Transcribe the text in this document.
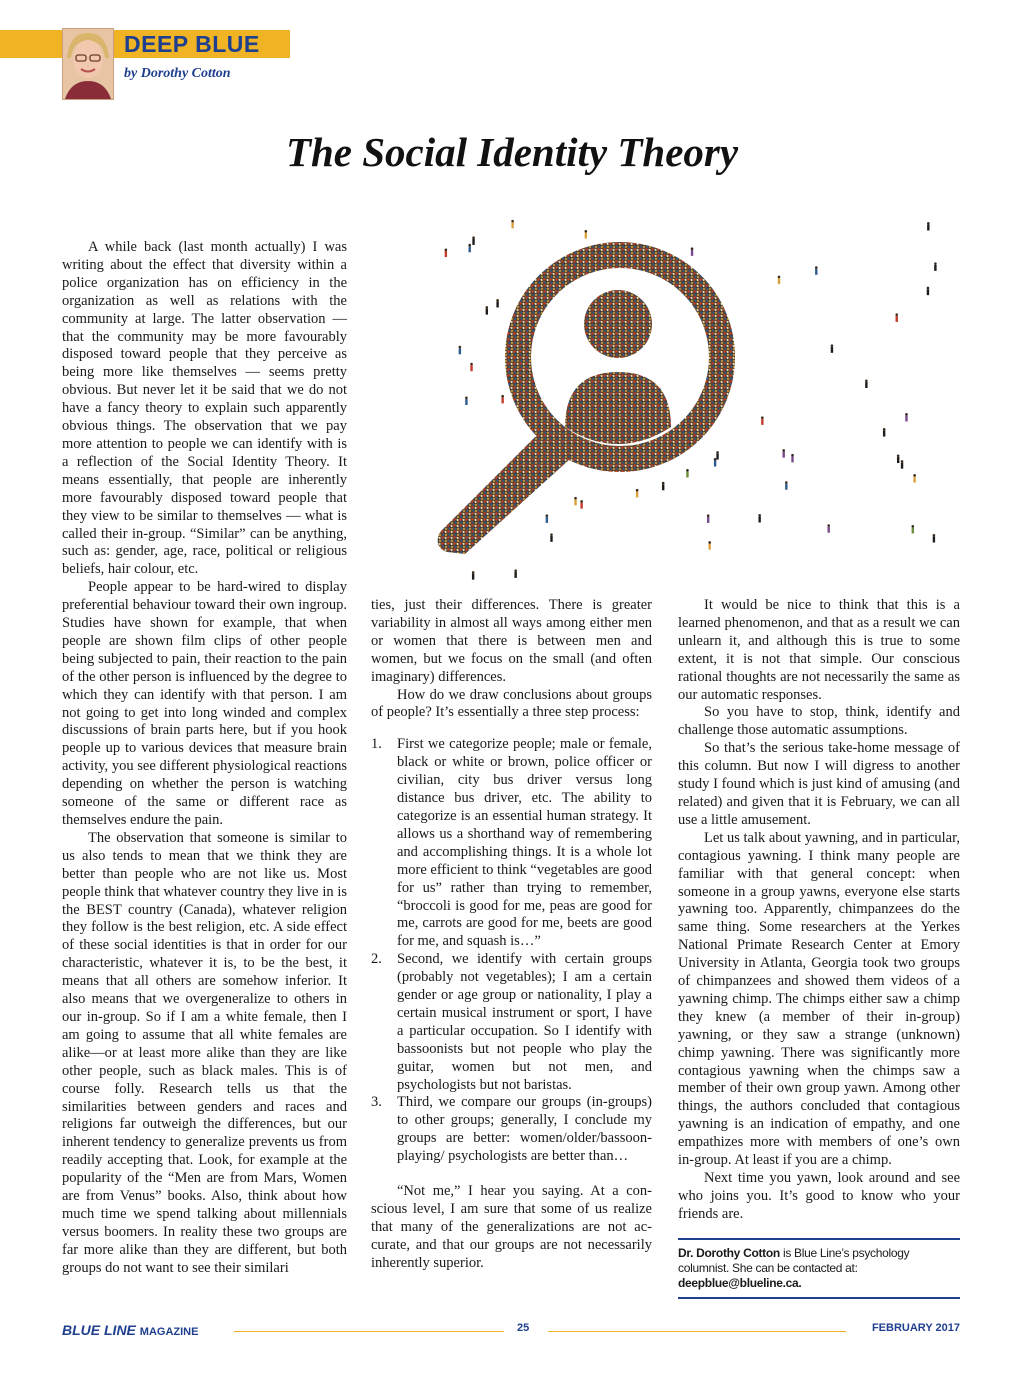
DEEP BLUE
by Dorothy Cotton
The Social Identity Theory

A while back (last month actually) I was writing about the effect that diversity within a police organization has on efficiency in the organization as well as relations with the community at large. The latter observation — that the community may be more favourably disposed toward people that they perceive as being more like themselves — seems pretty obvious. But never let it be said that we do not have a fancy theory to explain such apparently obvious things. The observation that we pay more attention to people we can identify with is a reflection of the Social Identity Theory. It means essentially, that people are inherently more favourably disposed toward people that they view to be similar to themselves — what is called their in-group. “Similar” can be anything, such as: gender, age, race, political or religious beliefs, hair colour, etc.

People appear to be hard-wired to display preferential behaviour toward their own ingroup. Studies have shown for example, that when people are shown film clips of other people being subjected to pain, their reaction to the pain of the other person is influenced by the degree to which they can identify with that person. I am not going to get into long winded and complex discussions of brain parts here, but if you hook people up to various devices that measure brain activity, you see different physiological reactions depending on whether the person is watching someone of the same or different race as themselves endure the pain.

The observation that someone is similar to us also tends to mean that we think they are better than people who are not like us. Most people think that whatever country they live in is the BEST country (Canada), whatever religion they follow is the best religion, etc. A side effect of these social identities is that in order for our characteristic, whatever it is, to be the best, it means that all others are somehow inferior. It also means that we overgeneralize to others in our in-group. So if I am a white female, then I am going to assume that all white females are alike—or at least more alike than they are like other people, such as black males. This is of course folly. Research tells us that the similarities between genders and races and religions far outweigh the differences, but our inherent tendency to generalize prevents us from readily accepting that. Look, for example at the popularity of the “Men are from Mars, Women are from Venus” books. Also, think about how much time we spend talking about millennials versus boomers. In reality these two groups are far more alike than they are different, but both groups do not want to see their similari

ties, just their differences. There is greater variability in almost all ways among either men or women that there is between men and women, but we focus on the small (and often imaginary) differences.

How do we draw conclusions about groups of people? It’s essentially a three step process:

1. First we categorize people; male or female, black or white or brown, police officer or civilian, city bus driver versus long distance bus driver, etc. The ability to categorize is an essential human strategy. It allows us a shorthand way of remembering and accomplishing things. It is a whole lot more efficient to think “vegetables are good for us” rather than trying to remember, “broccoli is good for me, peas are good for me, carrots are good for me, beets are good for me, and squash is…”
2. Second, we identify with certain groups (probably not vegetables); I am a certain gender or age group or nationality, I play a certain musical instrument or sport, I have a particular occupation. So I identify with bassoonists but not people who play the guitar, women but not men, and psychologists but not baristas.
3. Third, we compare our groups (in-groups) to other groups; generally, I conclude my groups are better: women/older/bassoonplaying/ psychologists are better than…

“Not me,” I hear you saying. At a conscious level, I am sure that some of us realize that many of the generalizations are not accurate, and that our groups are not necessarily inherently superior.

It would be nice to think that this is a learned phenomenon, and that as a result we can unlearn it, and although this is true to some extent, it is not that simple. Our conscious rational thoughts are not necessarily the same as our automatic responses.

So you have to stop, think, identify and challenge those automatic assumptions.

So that’s the serious take-home message of this column. But now I will digress to another study I found which is just kind of amusing (and related) and given that it is February, we can all use a little amusement.

Let us talk about yawning, and in particular, contagious yawning. I think many people are familiar with that general concept: when someone in a group yawns, everyone else starts yawning too. Apparently, chimpanzees do the same thing. Some researchers at the Yerkes National Primate Research Center at Emory University in Atlanta, Georgia took two groups of chimpanzees and showed them videos of a yawning chimp. The chimps either saw a chimp they knew (a member of their in-group) yawning, or they saw a strange (unknown) chimp yawning. There was significantly more contagious yawning when the chimps saw a member of their own group yawn. Among other things, the authors concluded that contagious yawning is an indication of empathy, and one empathizes more with members of one’s own in-group. At least if you are a chimp.

Next time you yawn, look around and see who joins you. It’s good to know who your friends are.

Dr. Dorothy Cotton is Blue Line’s psychology columnist. She can be contacted at: deepblue@blueline.ca.
BLUE LINE MAGAZINE	25	FEBRUARY 2017
